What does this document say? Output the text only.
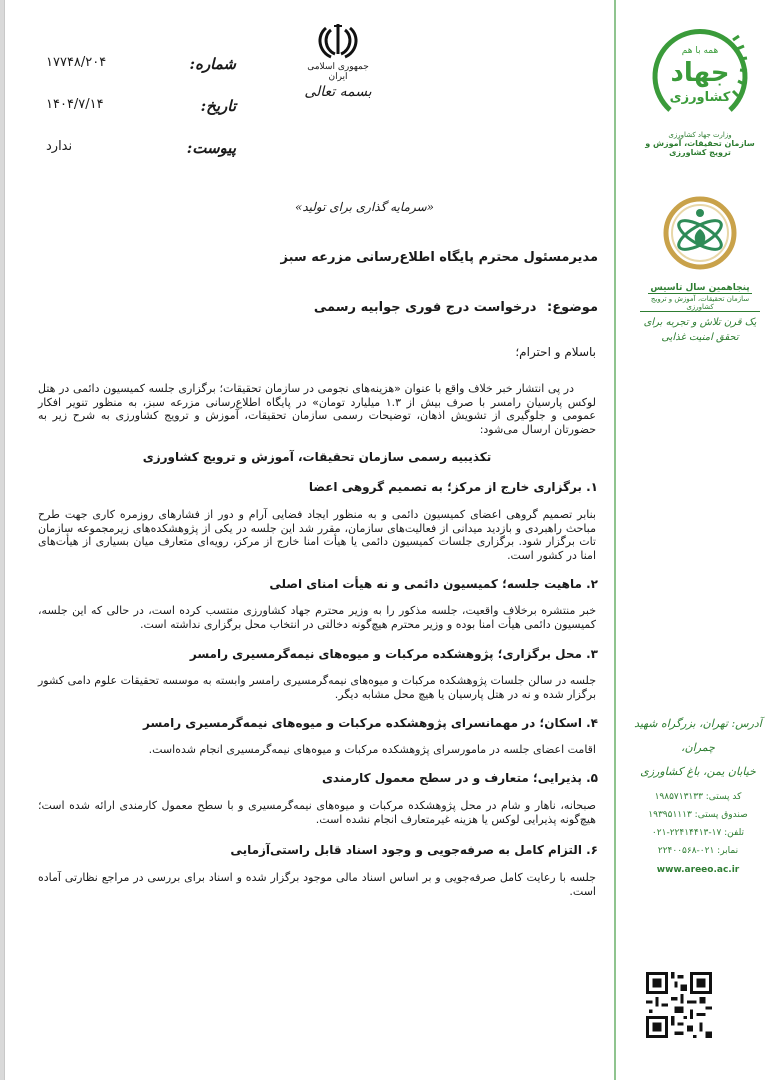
شماره:
۱۷۷۴۸/۲۰۴
تاریخ:
۱۴۰۴/۷/۱۴
پیوست:
ندارد
جمهوری اسلامی ایران
بسمه تعالی
«سرمایه گذاری برای تولید»
مدیرمسئول محترم پایگاه اطلاع‌رسانی مزرعه سبز
موضوع: درخواست درج فوری جوابیه رسمی
باسلام و احترام؛

در پی انتشار خبر خلاف واقع با عنوان «هزینه‌های نجومی در سازمان تحقیقات؛ برگزاری جلسه کمیسیون دائمی در هتل لوکس پارسیان رامسر با صرف بیش از ۱.۳ میلیارد تومان» در پایگاه اطلاع‌رسانی مزرعه سبز، به منظور تنویر افکار عمومی و جلوگیری از تشویش اذهان، توضیحات رسمی سازمان تحقیقات، آموزش و ترویج کشاورزی به شرح زیر به حضورتان ارسال می‌شود:

تکذیبیه رسمی سازمان تحقیقات، آموزش و ترویج کشاورزی
۱. برگزاری خارج از مرکز؛ به تصمیم گروهی اعضا

بنابر تصمیم گروهی اعضای کمیسیون دائمی و به منظور ایجاد فضایی آرام و دور از فشارهای روزمره کاری جهت طرح مباحث راهبردی و بازدید میدانی از فعالیت‌های سازمان، مقرر شد این جلسه در یکی از پژوهشکده‌های زیرمجموعه سازمان تات برگزار شود. برگزاری جلسات کمیسیون دائمی یا هیأت امنا خارج از مرکز، رویه‌ای متعارف میان بسیاری از هیأت‌های امنا در کشور است.

۲. ماهیت جلسه؛ کمیسیون دائمی و نه هیأت امنای اصلی

خبر منتشره برخلاف واقعیت، جلسه مذکور را به وزیر محترم جهاد کشاورزی منتسب کرده است، در حالی که این جلسه، کمیسیون دائمی هیأت امنا بوده و وزیر محترم هیچ‌گونه دخالتی در انتخاب محل برگزاری نداشته است.

۳. محل برگزاری؛ پژوهشکده مرکبات و میوه‌های نیمه‌گرمسیری رامسر

جلسه در سالن جلسات پژوهشکده مرکبات و میوه‌های نیمه‌گرمسیری رامسر وابسته به موسسه تحقیقات علوم دامی کشور برگزار شده و نه در هتل پارسیان یا هیچ محل مشابه دیگر.

۴. اسکان؛ در مهمانسرای پژوهشکده مرکبات و میوه‌های نیمه‌گرمسیری رامسر

اقامت اعضای جلسه در مامورسرای پژوهشکده مرکبات و میوه‌های نیمه‌گرمسیری انجام شده‌است.

۵. پذیرایی؛ متعارف و در سطح معمول کارمندی

صبحانه، ناهار و شام در محل پژوهشکده مرکبات و میوه‌های نیمه‌گرمسیری و با سطح معمول کارمندی ارائه شده است؛ هیچ‌گونه پذیرایی لوکس یا هزینه غیرمتعارف انجام نشده است.

۶. التزام کامل به صرفه‌جویی و وجود اسناد قابل راستی‌آزمایی

جلسه با رعایت کامل صرفه‌جویی و بر اساس اسناد مالی موجود برگزار شده و اسناد برای بررسی در مراجع نظارتی آماده است.

همه با هم
جهاد
کشاورزی
وزارت جهاد کشاورزی
سازمان تحقیقات، آموزش و ترویج کشاورزی
پنجاهمین سال تاسیس
سازمان تحقیقات، آموزش و ترویج کشاورزی
یک قرن تلاش و تجربه برای
تحقق امنیت غذایی
آدرس: تهران، بزرگراه شهید چمران،
خیابان یمن، باغ کشاورزی
کد پستی: ۱۹۸۵۷۱۳۱۳۳
صندوق پستی: ۱۹۳۹۵۱۱۱۳
تلفن: ۱۷-۲۲۴۱۴۴۱۳-۰۲۱
نمابر: ۰۲۱-۲۲۴۰۰۵۶۸
www.areeo.ac.ir
